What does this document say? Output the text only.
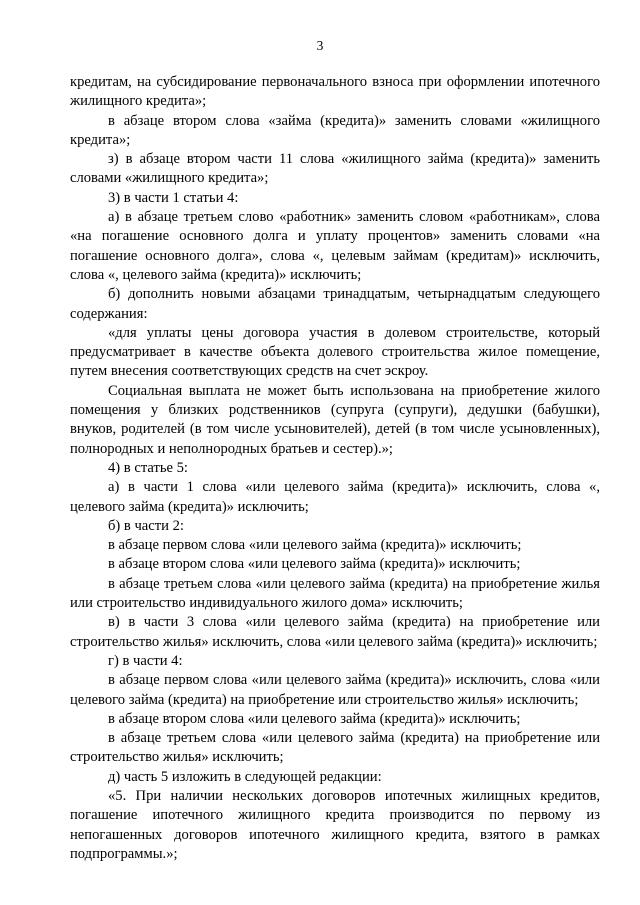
3

кредитам, на субсидирование первоначального взноса при оформлении ипотечного жилищного кредита»;

в абзаце втором слова «займа (кредита)» заменить словами «жилищного кредита»;

з) в абзаце втором части 11 слова «жилищного займа (кредита)» заменить словами «жилищного кредита»;

3) в части 1 статьи 4:

а) в абзаце третьем слово «работник» заменить словом «работникам», слова «на погашение основного долга и уплату процентов» заменить словами «на погашение основного долга», слова «, целевым займам (кредитам)» исключить, слова «, целевого займа (кредита)» исключить;

б) дополнить новыми абзацами тринадцатым, четырнадцатым следующего содержания:

«для уплаты цены договора участия в долевом строительстве, который предусматривает в качестве объекта долевого строительства жилое помещение, путем внесения соответствующих средств на счет эскроу.

Социальная выплата не может быть использована на приобретение жилого помещения у близких родственников (супруга (супруги), дедушки (бабушки), внуков, родителей (в том числе усыновителей), детей (в том числе усыновленных), полнородных и неполнородных братьев и сестер).»;

4) в статье 5:

а) в части 1 слова «или целевого займа (кредита)» исключить, слова «, целевого займа (кредита)» исключить;

б) в части 2:

в абзаце первом слова «или целевого займа (кредита)» исключить;

в абзаце втором слова «или целевого займа (кредита)» исключить;

в абзаце третьем слова «или целевого займа (кредита) на приобретение жилья или строительство индивидуального жилого дома» исключить;

в) в части 3 слова «или целевого займа (кредита) на приобретение или строительство жилья» исключить, слова «или целевого займа (кредита)» исключить;

г) в части 4:

в абзаце первом слова «или целевого займа (кредита)» исключить, слова «или целевого займа (кредита) на приобретение или строительство жилья» исключить;

в абзаце втором слова «или целевого займа (кредита)» исключить;

в абзаце третьем слова «или целевого займа (кредита) на приобретение или строительство жилья» исключить;

д) часть 5 изложить в следующей редакции:

«5. При наличии нескольких договоров ипотечных жилищных кредитов, погашение ипотечного жилищного кредита производится по первому из непогашенных договоров ипотечного жилищного кредита, взятого в рамках подпрограммы.»;
